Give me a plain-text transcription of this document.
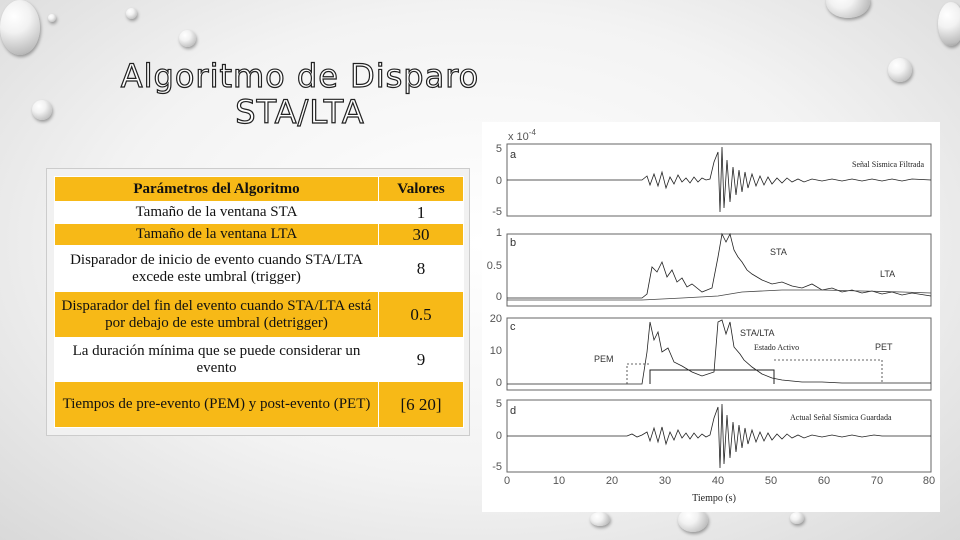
Algoritmo de Disparo
STA/LTA
Parámetros del Algoritmo	Valores
Tamaño de la ventana STA	1
Tamaño de la ventana LTA	30
Disparador de inicio de evento cuando STA/LTA excede este umbral (trigger)	8
Disparador del fin del evento cuando STA/LTA está por debajo de este umbral (detrigger)	0.5
La duración mínima que se puede considerar un evento	9
Tiempos de pre-evento (PEM) y post-evento (PET)	[6 20]
x $10^{-4}$
a
b
c
d
5
0
-5
1
0.5
0
20
10
0
5
0
-5
0	10	20	30	40	50	60	70	80
Tiempo (s)
Señal Sísmica Filtrada
STA
LTA
STA/LTA
Estado Activo
PEM
PET
Actual Señal Sísmica Guardada
